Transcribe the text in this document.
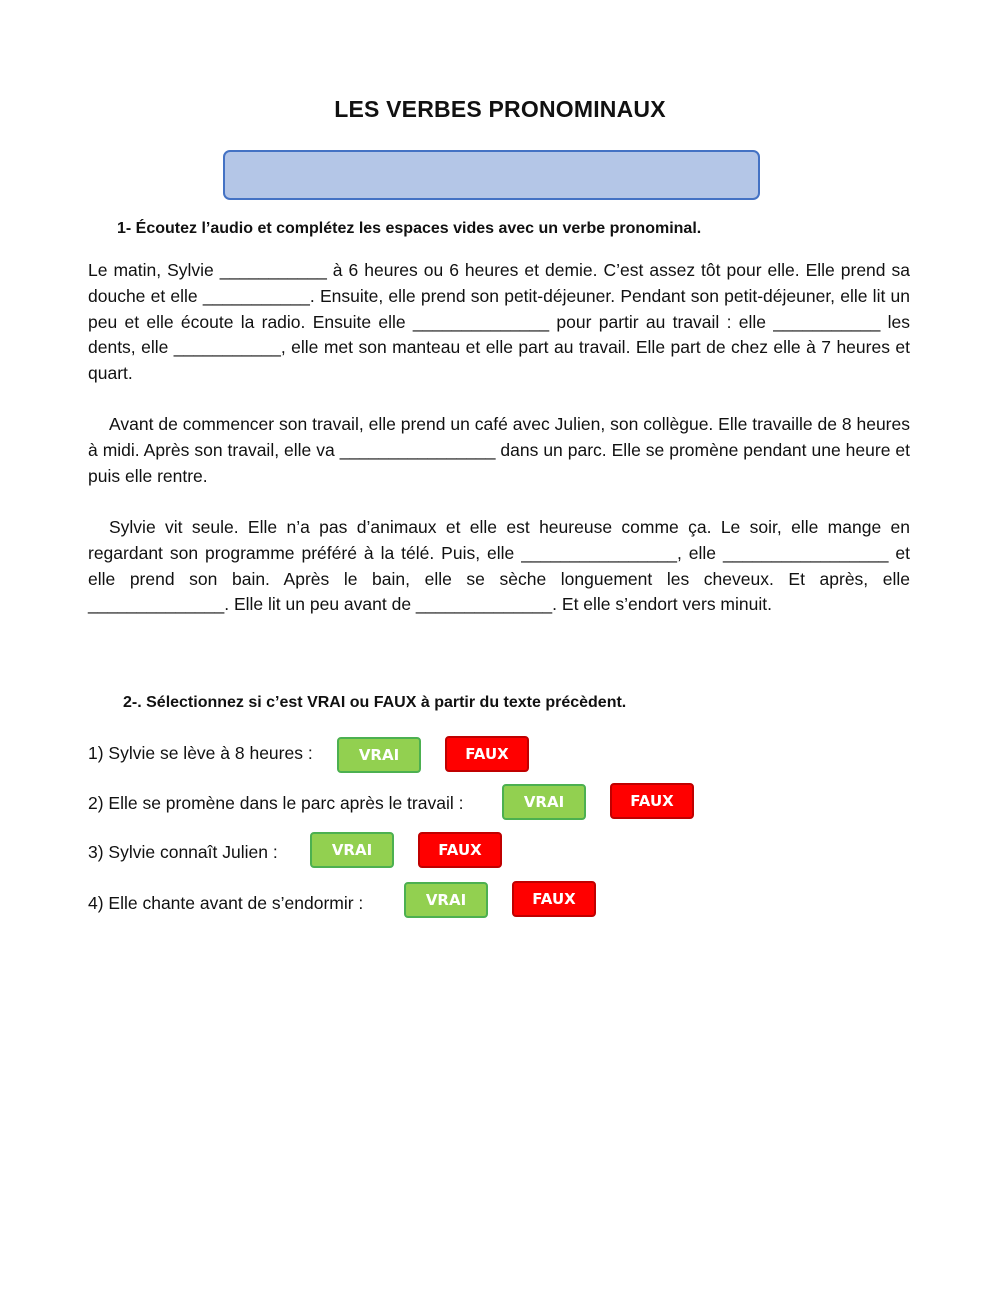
LES VERBES PRONOMINAUX
1- Écoutez l’audio et complétez les espaces vides avec un verbe pronominal.

Le matin, Sylvie ___________ à 6 heures ou 6 heures et demie. C’est assez tôt pour elle. Elle prend sa douche et elle ___________. Ensuite, elle prend son petit-déjeuner. Pendant son petit-déjeuner, elle lit un peu et elle écoute la radio. Ensuite elle ______________ pour partir au travail : elle ___________ les dents, elle ___________, elle met son manteau et elle part au travail. Elle part de chez elle à 7 heures et quart.

Avant de commencer son travail, elle prend un café avec Julien, son collègue. Elle travaille de 8 heures à midi. Après son travail, elle va ________________ dans un parc. Elle se promène pendant une heure et puis elle rentre.

Sylvie vit seule. Elle n’a pas d’animaux et elle est heureuse comme ça. Le soir, elle mange en regardant son programme préféré à la télé. Puis, elle ________________, elle _________________ et elle prend son bain. Après le bain, elle se sèche longuement les cheveux. Et après, elle ______________. Elle lit un peu avant de ______________. Et elle s’endort vers minuit.

2-. Sélectionnez si c’est VRAI ou FAUX à partir du texte précèdent.
1) Sylvie se lève à 8 heures :	VRAI	FAUX
2) Elle se promène dans le parc après le travail :	VRAI	FAUX
3) Sylvie connaît Julien :	VRAI	FAUX
4) Elle chante avant de s’endormir :	VRAI	FAUX
